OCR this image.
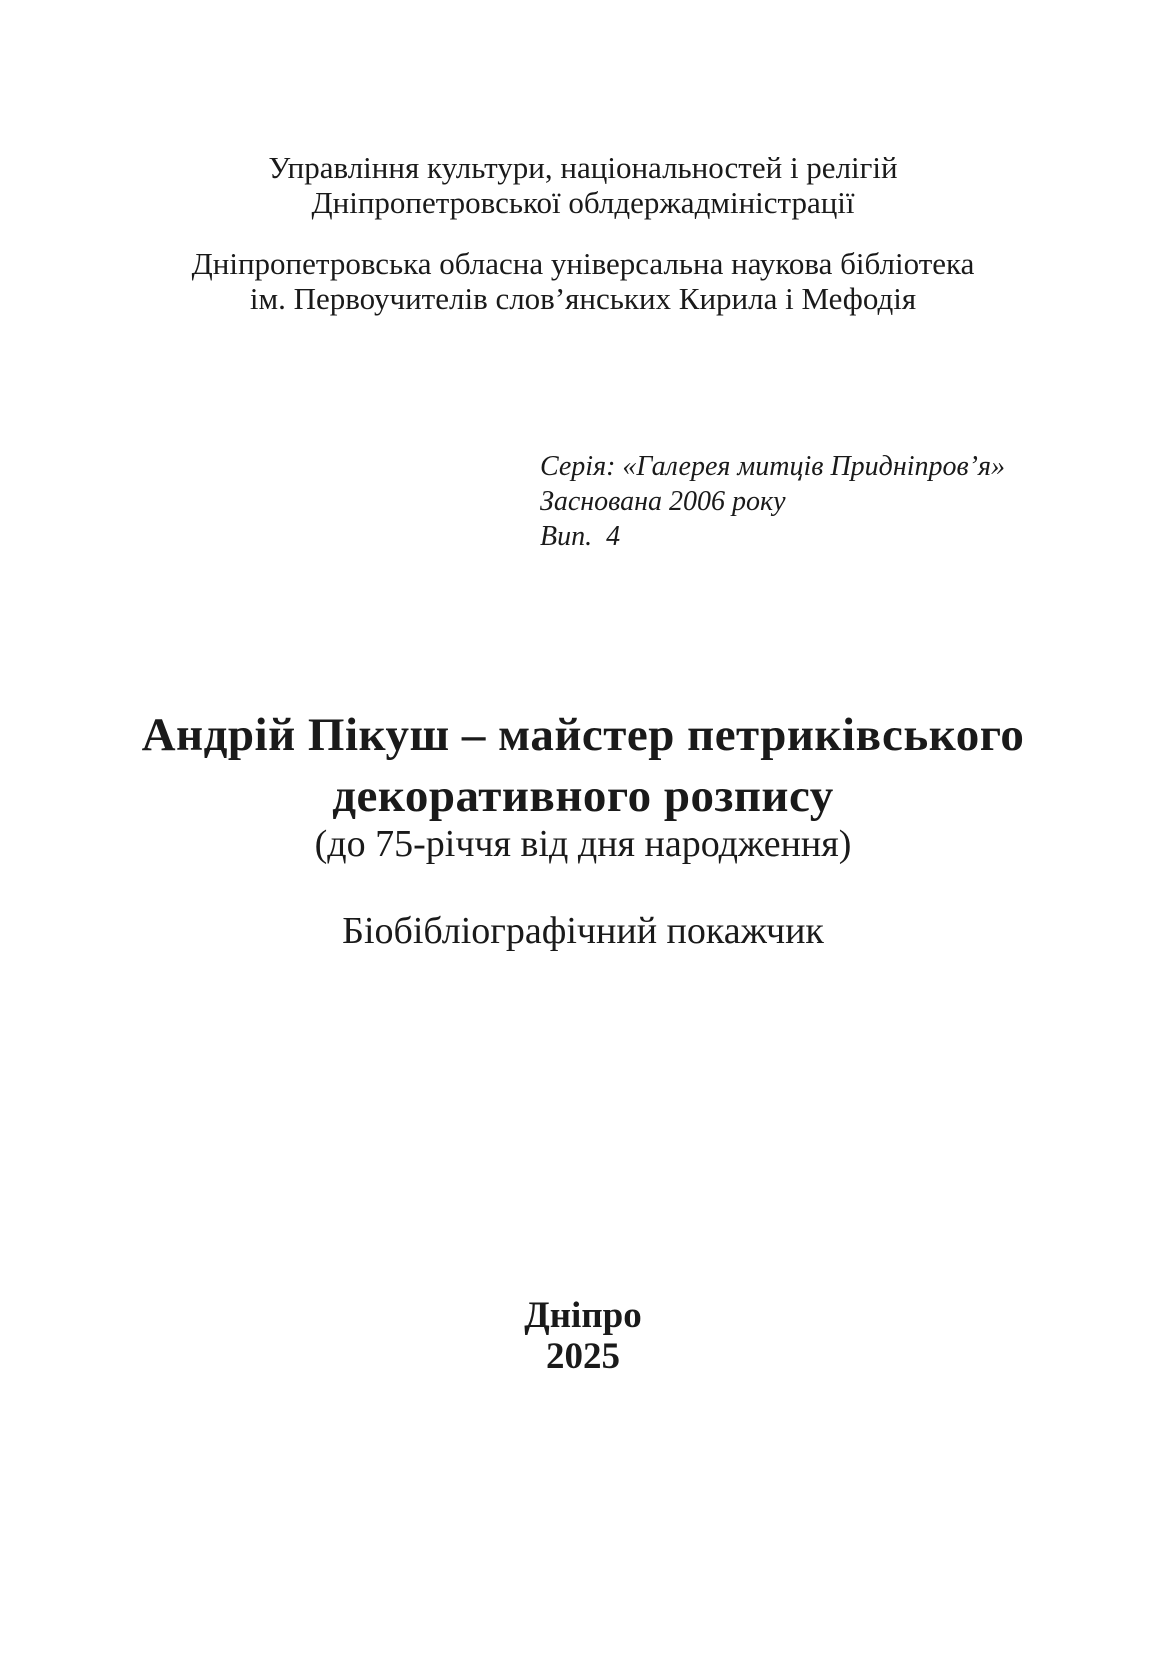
Управління культури, національностей і релігій
Дніпропетровської облдержадміністрації
Дніпропетровська обласна універсальна наукова бібліотека
ім. Первоучителів слов’янських Кирила і Мефодія
Серія: «Галерея митців Придніпров’я»
Заснована 2006 року
Вип.  4
Андрій Пікуш – майстер петриківського
декоративного розпису
(до 75-річчя від дня народження)
Біобібліографічний покажчик
Дніпро
2025
